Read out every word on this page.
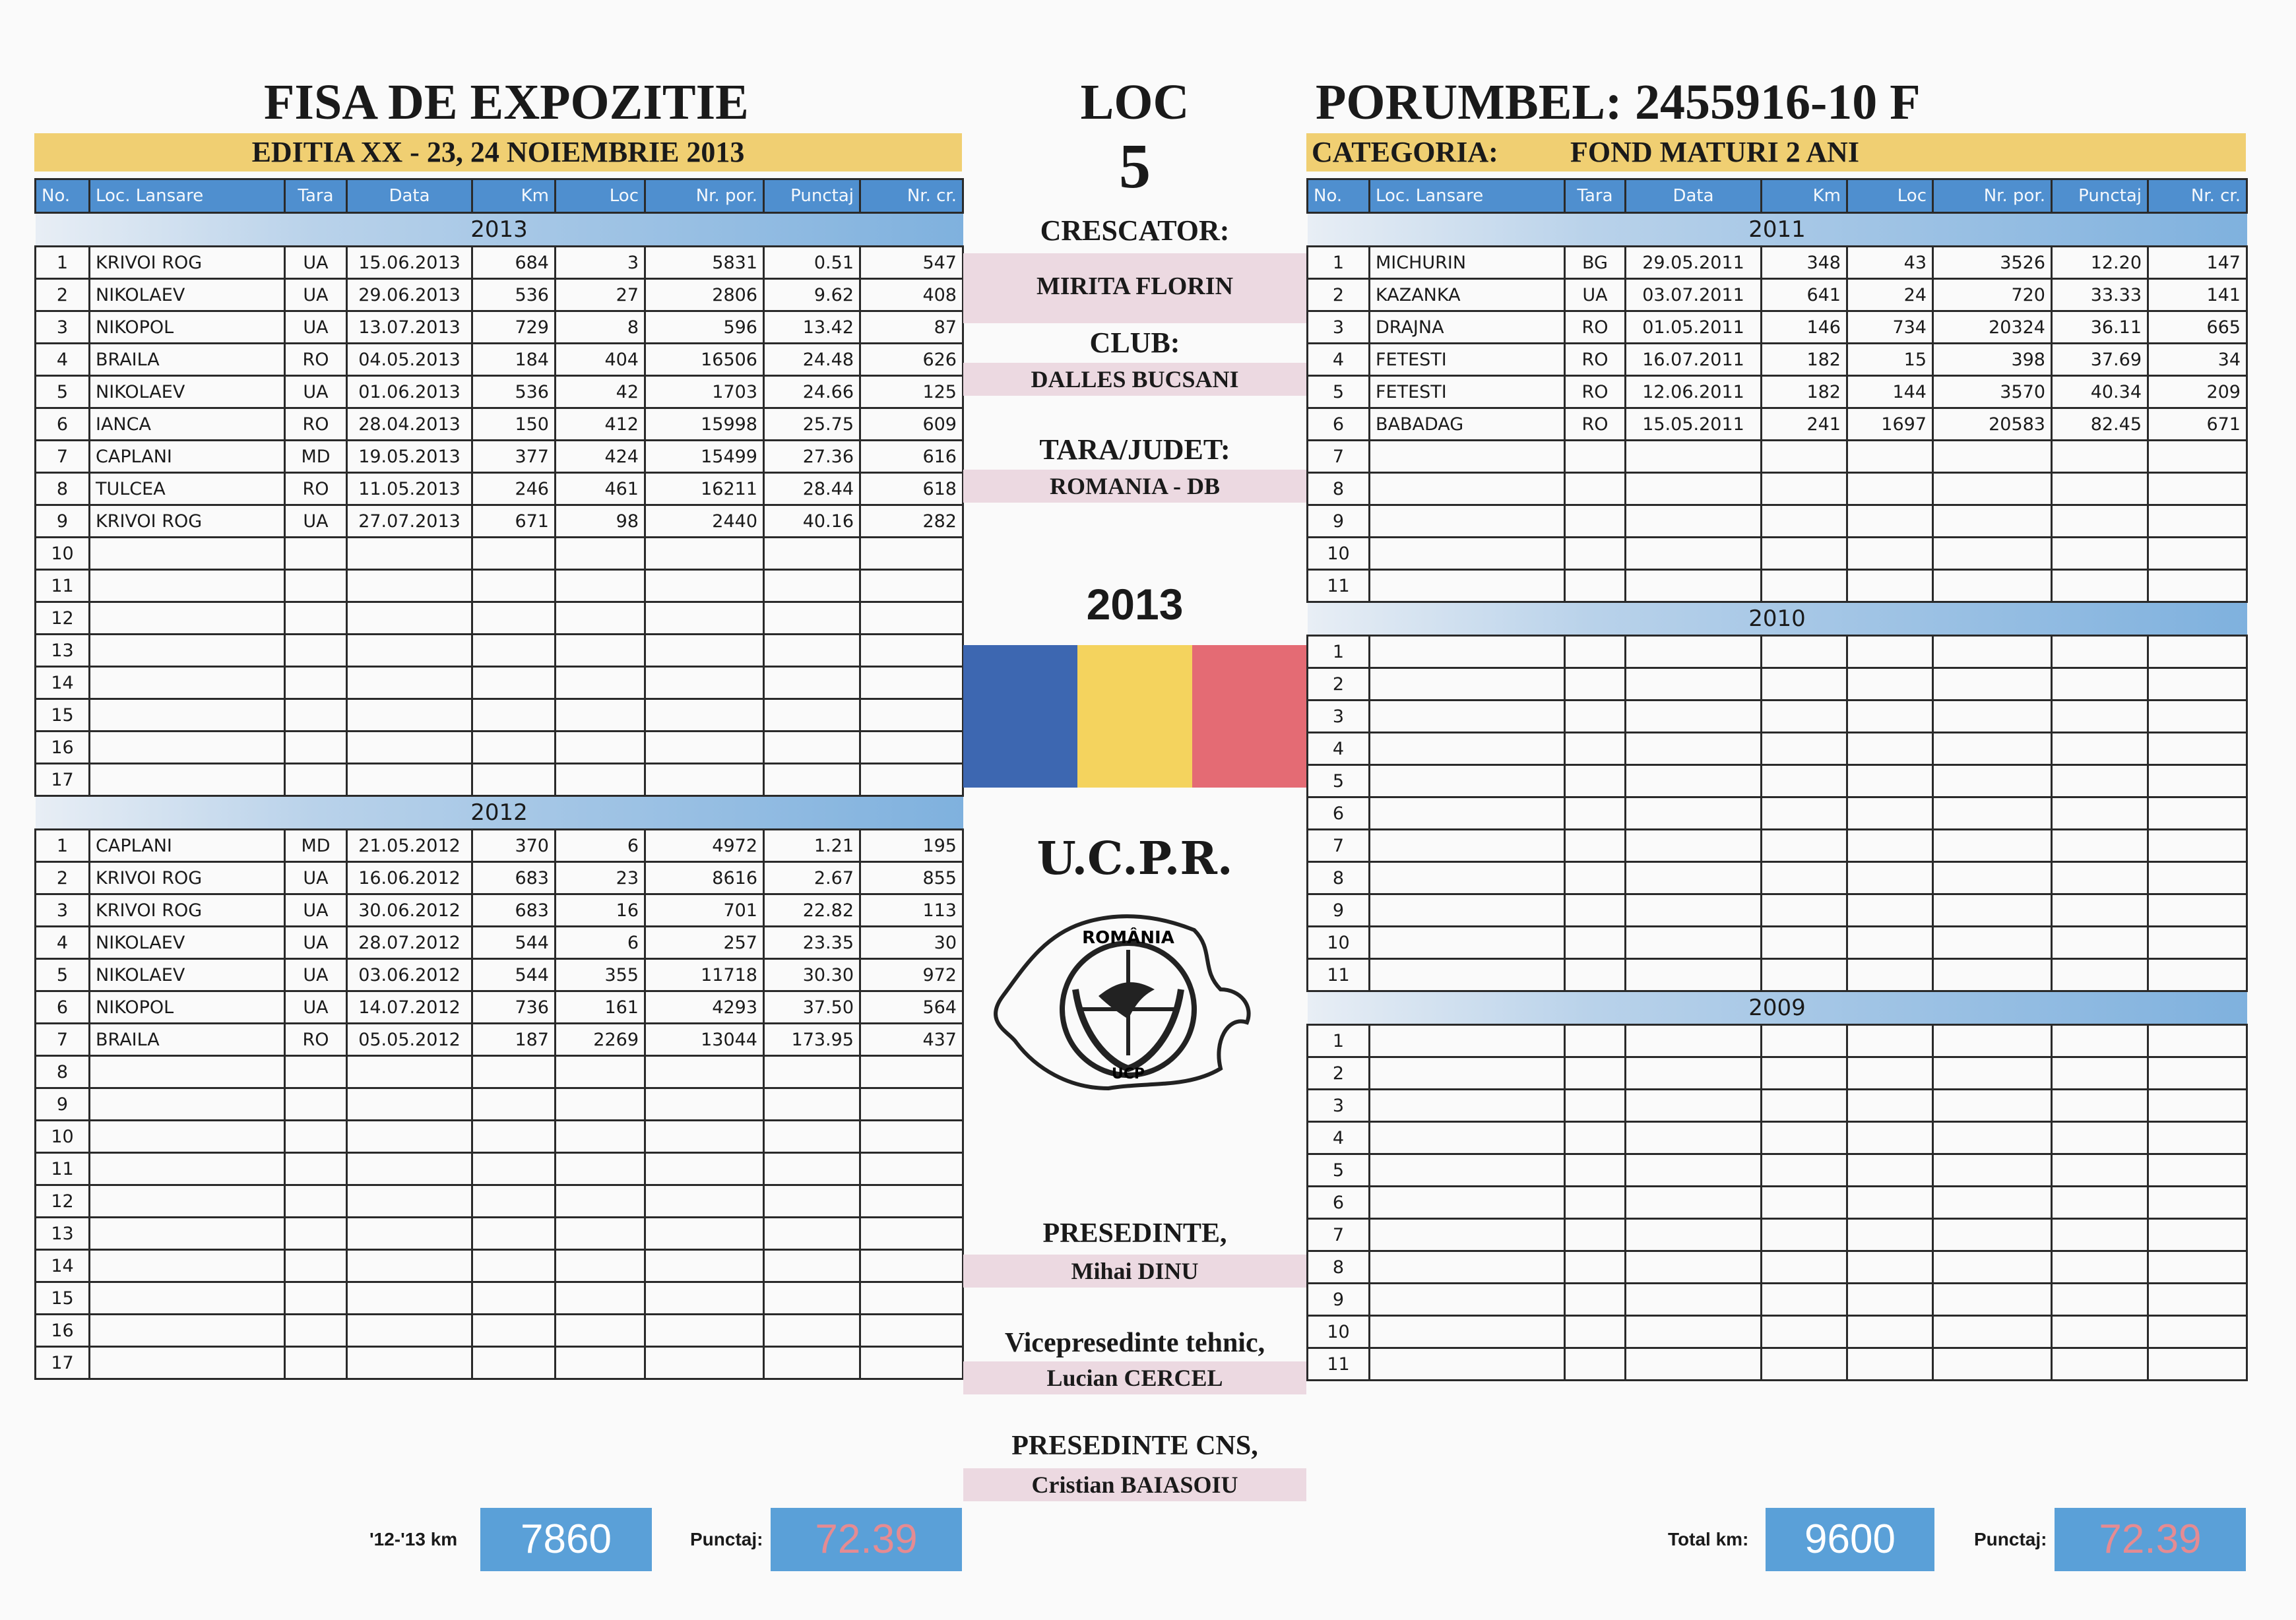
FISA DE EXPOZITIE
EDITIA XX - 23, 24 NOIEMBRIE 2013
No.	Loc. Lansare	Tara	Data	Km	Loc	Nr. por.	Punctaj	Nr. cr.
2013								
1	KRIVOI ROG	UA	15.06.2013	684	3	5831	0.51	547
2	NIKOLAEV	UA	29.06.2013	536	27	2806	9.62	408
3	NIKOPOL	UA	13.07.2013	729	8	596	13.42	87
4	BRAILA	RO	04.05.2013	184	404	16506	24.48	626
5	NIKOLAEV	UA	01.06.2013	536	42	1703	24.66	125
6	IANCA	RO	28.04.2013	150	412	15998	25.75	609
7	CAPLANI	MD	19.05.2013	377	424	15499	27.36	616
8	TULCEA	RO	11.05.2013	246	461	16211	28.44	618
9	KRIVOI ROG	UA	27.07.2013	671	98	2440	40.16	282
10								
11								
12								
13								
14								
15								
16								
17								
2012								
1	CAPLANI	MD	21.05.2012	370	6	4972	1.21	195
2	KRIVOI ROG	UA	16.06.2012	683	23	8616	2.67	855
3	KRIVOI ROG	UA	30.06.2012	683	16	701	22.82	113
4	NIKOLAEV	UA	28.07.2012	544	6	257	23.35	30
5	NIKOLAEV	UA	03.06.2012	544	355	11718	30.30	972
6	NIKOPOL	UA	14.07.2012	736	161	4293	37.50	564
7	BRAILA	RO	05.05.2012	187	2269	13044	173.95	437
8								
9								
10								
11								
12								
13								
14								
15								
16								
17								
'12-'13 km	7860	Punctaj:	72.39
LOC
5
CRESCATOR:
MIRITA FLORIN
CLUB:
DALLES BUCSANI
TARA/JUDET:
ROMANIA - DB
2013
U.C.P.R.
ROMÂNIA
UCP
PRESEDINTE,
Mihai DINU
Vicepresedinte tehnic,
Lucian CERCEL
PRESEDINTE CNS,
Cristian BAIASOIU
PORUMBEL: 2455916-10 F
CATEGORIA: FOND MATURI 2 ANI
No.	Loc. Lansare	Tara	Data	Km	Loc	Nr. por.	Punctaj	Nr. cr.
2011								
1	MICHURIN	BG	29.05.2011	348	43	3526	12.20	147
2	KAZANKA	UA	03.07.2011	641	24	720	33.33	141
3	DRAJNA	RO	01.05.2011	146	734	20324	36.11	665
4	FETESTI	RO	16.07.2011	182	15	398	37.69	34
5	FETESTI	RO	12.06.2011	182	144	3570	40.34	209
6	BABADAG	RO	15.05.2011	241	1697	20583	82.45	671
7								
8								
9								
10								
11								
2010								
1								
2								
3								
4								
5								
6								
7								
8								
9								
10								
11								
2009								
1								
2								
3								
4								
5								
6								
7								
8								
9								
10								
11								
Total km:	9600	Punctaj:	72.39
